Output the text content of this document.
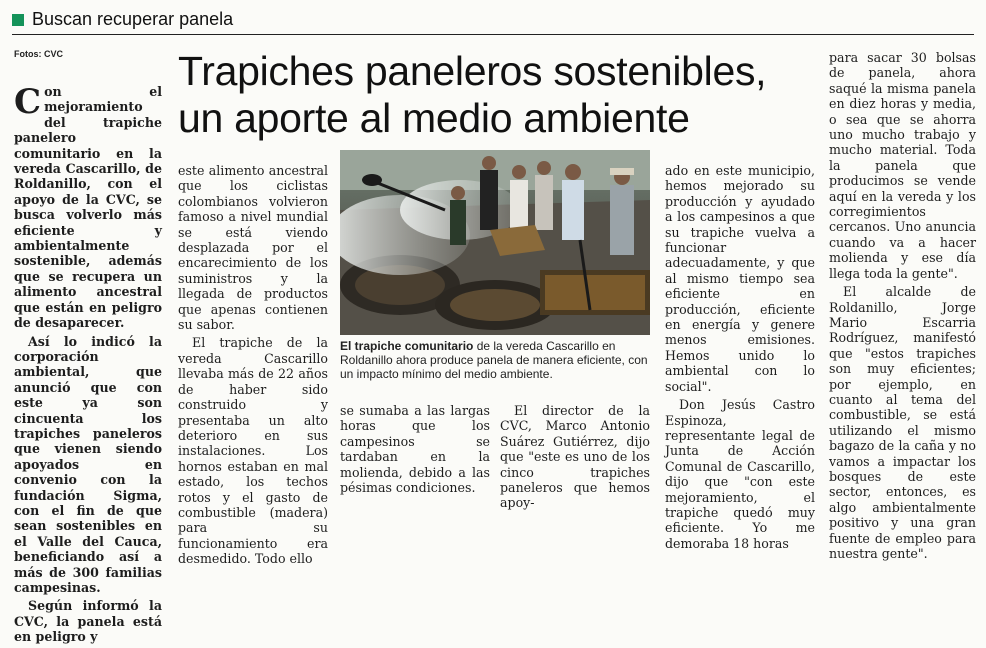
Buscan recuperar panela
Fotos: CVC	Trapiches paneleros sostenibles, un aporte al medio ambiente

Con el mejoramiento del trapiche panelero comunitario en la vereda Cascarillo, de Roldanillo, con el apoyo de la CVC, se busca volverlo más eficiente y ambientalmente sostenible, además que se recupera un alimento ancestral que están en peligro de desaparecer.

Así lo indicó la corporación ambiental, que anunció que con este ya son cincuenta los trapiches paneleros que vienen siendo apoyados en convenio con la fundación Sigma, con el fin de que sean sostenibles en el Valle del Cauca, beneficiando así a más de 300 familias campesinas.

Según informó la CVC, la panela está en peligro y

este alimento ancestral que los ciclistas colombianos volvieron famoso a nivel mundial se está viendo desplazada por el encarecimiento de los suministros y la llegada de productos que apenas contienen su sabor.

El trapiche de la vereda Cascarillo llevaba más de 22 años de haber sido construido y presentaba un alto deterioro en sus instalaciones. Los hornos estaban en mal estado, los techos rotos y el gasto de combustible (madera) para su funcionamiento era desmedido. Todo ello

El trapiche comunitario de la vereda Cascarillo en Roldanillo ahora produce panela de manera eficiente, con un impacto mínimo del medio ambiente.

se sumaba a las largas horas que los campesinos se tardaban en la molienda, debido a las pésimas condiciones.

El director de la CVC, Marco Antonio Suárez Gutiérrez, dijo que "este es uno de los cinco trapiches paneleros que hemos apoy-

ado en este municipio, hemos mejorado su producción y ayudado a los campesinos a que su trapiche vuelva a funcionar adecuadamente, y que al mismo tiempo sea eficiente en producción, eficiente en energía y genere menos emisiones. Hemos unido lo ambiental con lo social".

Don Jesús Castro Espinoza, representante legal de Junta de Acción Comunal de Cascarillo, dijo que "con este mejoramiento, el trapiche quedó muy eficiente. Yo me demoraba 18 horas

para sacar 30 bolsas de panela, ahora saqué la misma panela en diez horas y media, o sea que se ahorra uno mucho trabajo y mucho material. Toda la panela que producimos se vende aquí en la vereda y los corregimientos cercanos. Uno anuncia cuando va a hacer molienda y ese día llega toda la gente".

El alcalde de Roldanillo, Jorge Mario Escarria Rodríguez, manifestó que "estos trapiches son muy eficientes; por ejemplo, en cuanto al tema del combustible, se está utilizando el mismo bagazo de la caña y no vamos a impactar los bosques de este sector, entonces, es algo ambientalmente positivo y una gran fuente de empleo para nuestra gente".
